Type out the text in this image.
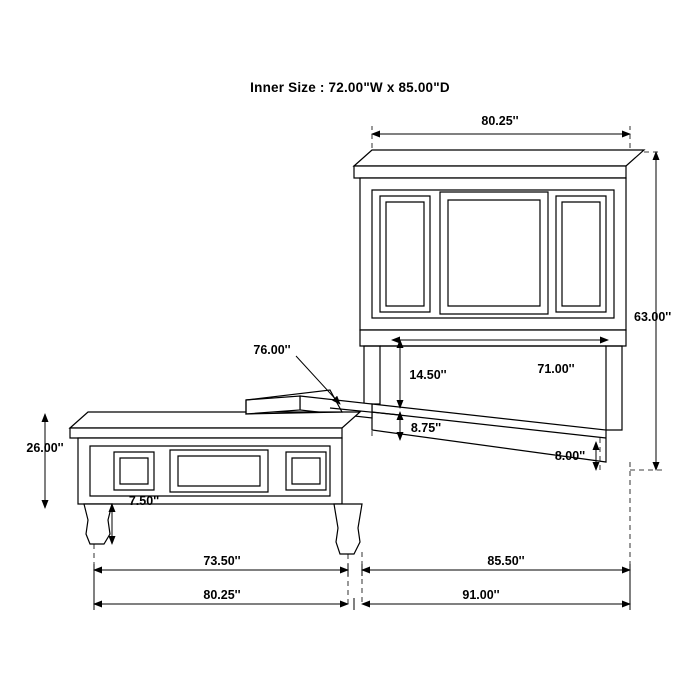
Inner Size : 72.00"W x 85.00"D
80.25''
63.00''
71.00''
76.00''
14.50''
8.75''
26.00''
7.50''
8.00''
73.50''	85.50''
80.25''	91.00''
